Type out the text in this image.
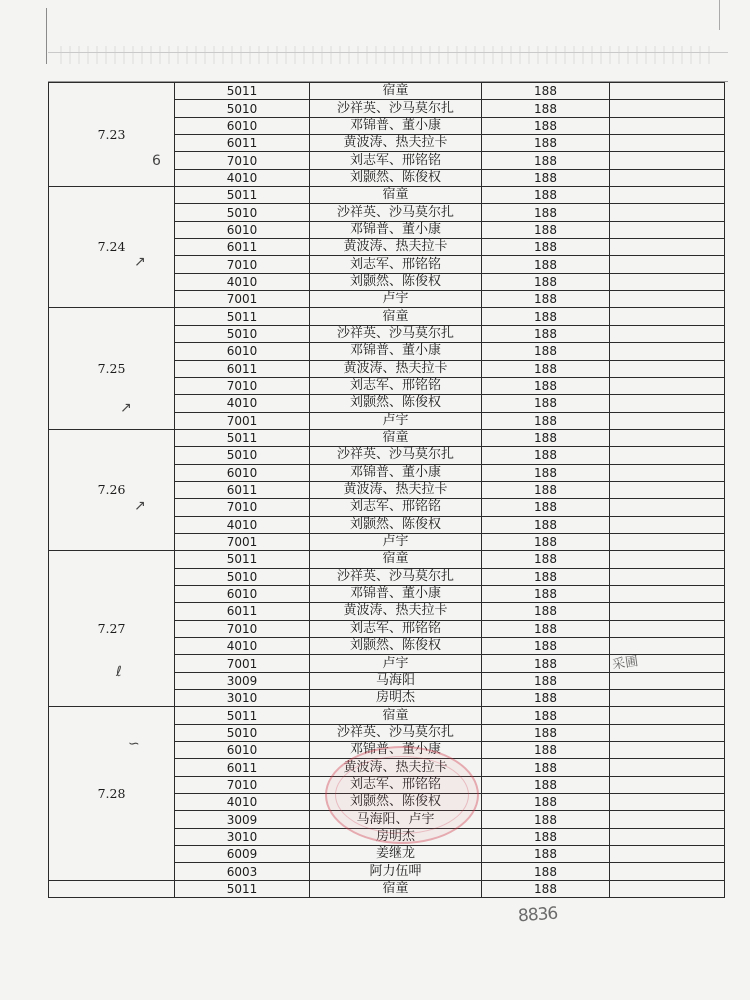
7.23	5011	宿童	188	
	5010	沙祥英、沙马莫尔扎	188	
	6010	邓锦普、董小康	188	
	6011	黄波涛、热夫拉卡	188	
	7010	刘志军、邢铭铭	188	
	4010	刘颢然、陈俊权	188	
7.24	5011	宿童	188	
	5010	沙祥英、沙马莫尔扎	188	
	6010	邓锦普、董小康	188	
	6011	黄波涛、热夫拉卡	188	
	7010	刘志军、邢铭铭	188	
	4010	刘颢然、陈俊权	188	
	7001	卢宇	188	
7.25	5011	宿童	188	
	5010	沙祥英、沙马莫尔扎	188	
	6010	邓锦普、董小康	188	
	6011	黄波涛、热夫拉卡	188	
	7010	刘志军、邢铭铭	188	
	4010	刘颢然、陈俊权	188	
	7001	卢宇	188	
7.26	5011	宿童	188	
	5010	沙祥英、沙马莫尔扎	188	
	6010	邓锦普、董小康	188	
	6011	黄波涛、热夫拉卡	188	
	7010	刘志军、邢铭铭	188	
	4010	刘颢然、陈俊权	188	
	7001	卢宇	188	
7.27	5011	宿童	188	
	5010	沙祥英、沙马莫尔扎	188	
	6010	邓锦普、董小康	188	
	6011	黄波涛、热夫拉卡	188	
	7010	刘志军、邢铭铭	188	
	4010	刘颢然、陈俊权	188	
	7001	卢宇	188	
	3009	马海阳	188	
	3010	房明杰	188	
7.28	5011	宿童	188	
	5010	沙祥英、沙马莫尔扎	188	
	6010	邓锦普、董小康	188	
	6011	黄波涛、热夫拉卡	188	
	7010	刘志军、邢铭铭	188	
	4010	刘颢然、陈俊权	188	
	3009	马海阳、卢宇	188	
	3010	房明杰	188	
	6009	姜继龙	188	
	6003	阿力伍呷	188	
	5011	宿童	188	
6
↗
↗
↗
ℓ
∽
采圃
8836
